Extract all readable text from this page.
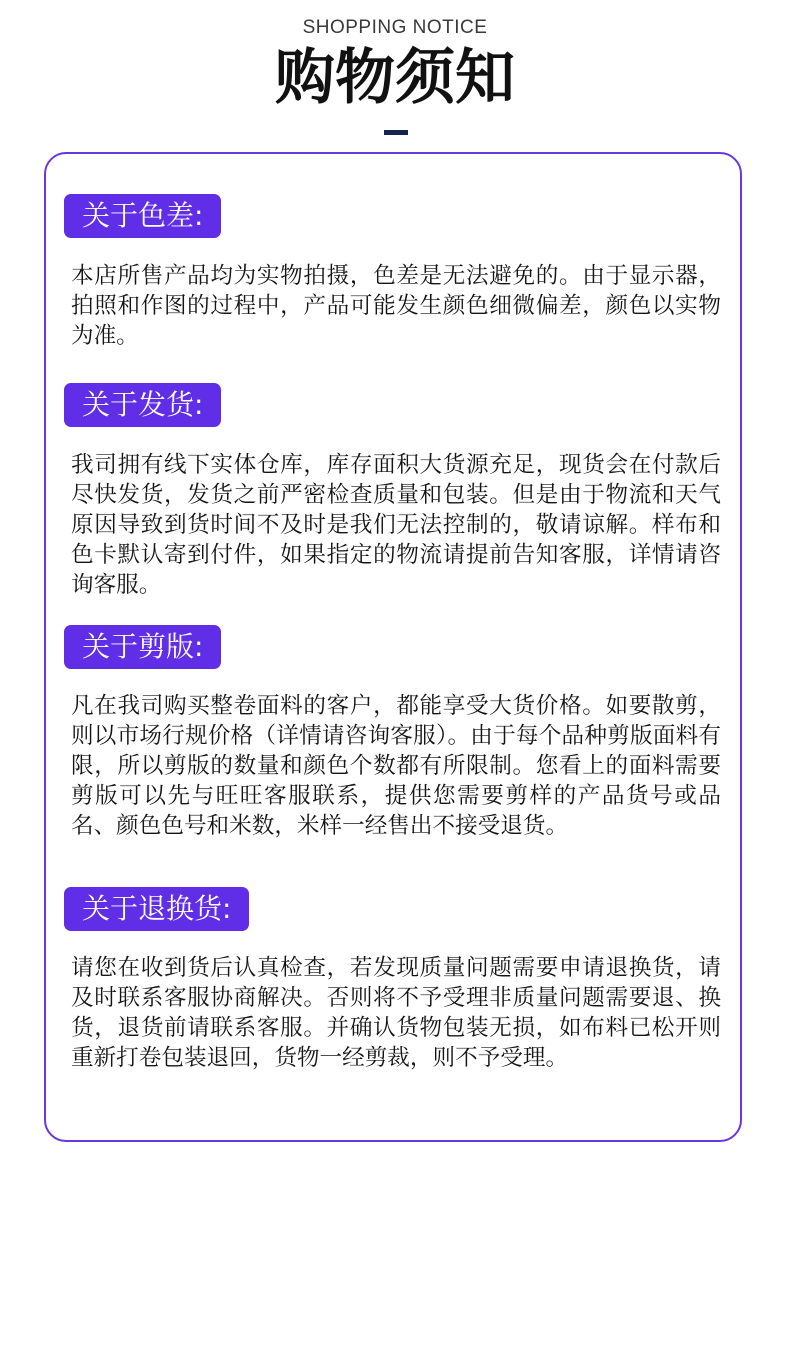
SHOPPING NOTICE
购物须知
关于色差:
本店所售产品均为实物拍摄，色差是无法避免的。由于显示器，拍照和作图的过程中，产品可能发生颜色细微偏差，颜色以实物为准。
关于发货:
我司拥有线下实体仓库，库存面积大货源充足，现货会在付款后尽快发货，发货之前严密检查质量和包装。但是由于物流和天气原因导致到货时间不及时是我们无法控制的，敬请谅解。样布和色卡默认寄到付件，如果指定的物流请提前告知客服，详情请咨询客服。
关于剪版:
凡在我司购买整卷面料的客户，都能享受大货价格。如要散剪，则以市场行规价格（详情请咨询客服）。由于每个品种剪版面料有限，所以剪版的数量和颜色个数都有所限制。您看上的面料需要剪版可以先与旺旺客服联系，提供您需要剪样的产品货号或品名、颜色色号和米数，米样一经售出不接受退货。
关于退换货:
请您在收到货后认真检查，若发现质量问题需要申请退换货，请及时联系客服协商解决。否则将不予受理非质量问题需要退、换货，退货前请联系客服。并确认货物包装无损，如布料已松开则重新打卷包装退回，货物一经剪裁，则不予受理。
